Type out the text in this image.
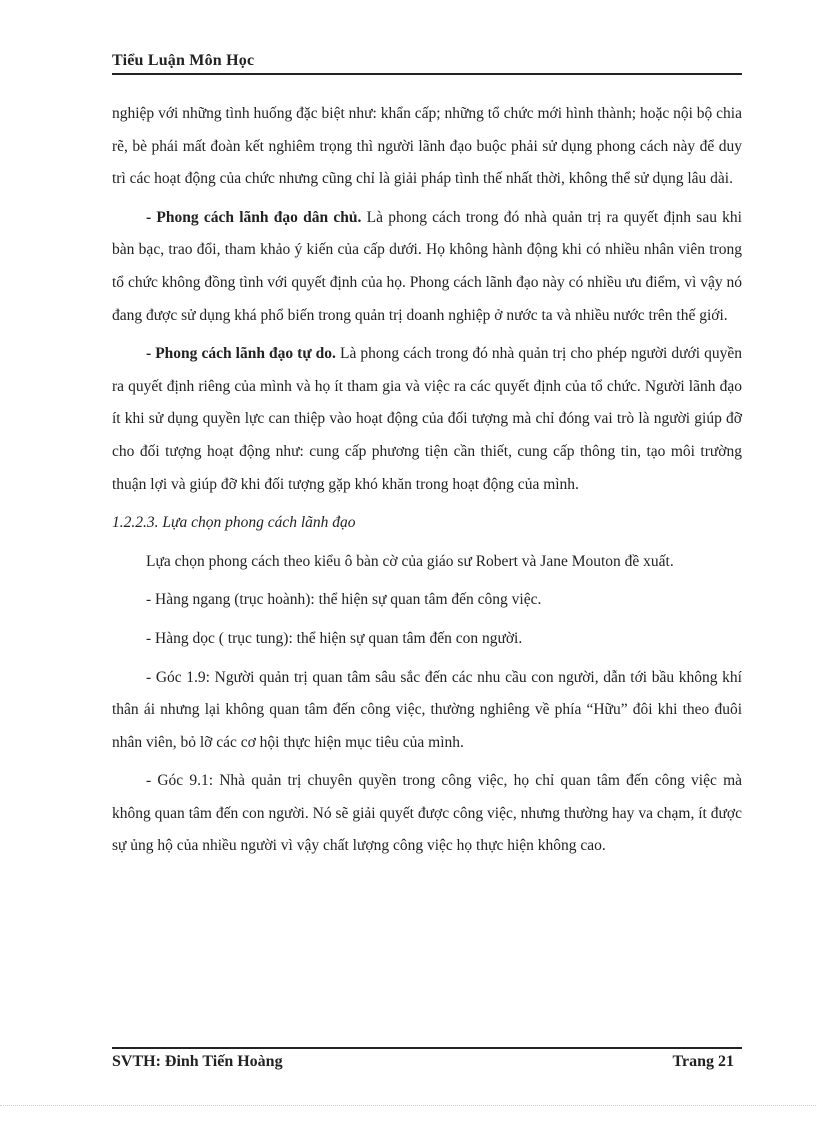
Tiểu Luận Môn Học

nghiệp với những tình huống đặc biệt như: khẩn cấp; những tổ chức mới hình thành; hoặc nội bộ chia rẽ, bè phái mất đoàn kết nghiêm trọng thì người lãnh đạo buộc phải sử dụng phong cách này để duy trì các hoạt động của chức nhưng cũng chỉ là giải pháp tình thế nhất thời, không thể sử dụng lâu dài.

- Phong cách lãnh đạo dân chủ. Là phong cách trong đó nhà quản trị ra quyết định sau khi bàn bạc, trao đổi, tham khảo ý kiến của cấp dưới. Họ không hành động khi có nhiều nhân viên trong tổ chức không đồng tình với quyết định của họ. Phong cách lãnh đạo này có nhiều ưu điểm, vì vậy nó đang được sử dụng khá phổ biến trong quản trị doanh nghiệp ở nước ta và nhiều nước trên thế giới.

- Phong cách lãnh đạo tự do. Là phong cách trong đó nhà quản trị cho phép người dưới quyền ra quyết định riêng của mình và họ ít tham gia và việc ra các quyết định của tổ chức. Người lãnh đạo ít khi sử dụng quyền lực can thiệp vào hoạt động của đối tượng mà chỉ đóng vai trò là người giúp đỡ cho đối tượng hoạt động như: cung cấp phương tiện cần thiết, cung cấp thông tin, tạo môi trường thuận lợi và giúp đỡ khi đối tượng gặp khó khăn trong hoạt động của mình.

1.2.2.3. Lựa chọn phong cách lãnh đạo

Lựa chọn phong cách theo kiểu ô bàn cờ của giáo sư Robert và Jane Mouton đề xuất.

- Hàng ngang (trục hoành): thể hiện sự quan tâm đến công việc.

- Hàng dọc ( trục tung): thể hiện sự quan tâm đến con người.

- Góc 1.9: Người quản trị quan tâm sâu sắc đến các nhu cầu con người, dẫn tới bầu không khí thân ái nhưng lại không quan tâm đến công việc, thường nghiêng về phía “Hữu” đôi khi theo đuôi nhân viên, bỏ lỡ các cơ hội thực hiện mục tiêu của mình.

- Góc 9.1: Nhà quản trị chuyên quyền trong công việc, họ chỉ quan tâm đến công việc mà không quan tâm đến con người. Nó sẽ giải quyết được công việc, nhưng thường hay va chạm, ít được sự ủng hộ của nhiều người vì vậy chất lượng công việc họ thực hiện không cao.

SVTH: Đinh Tiến Hoàng	Trang 21
